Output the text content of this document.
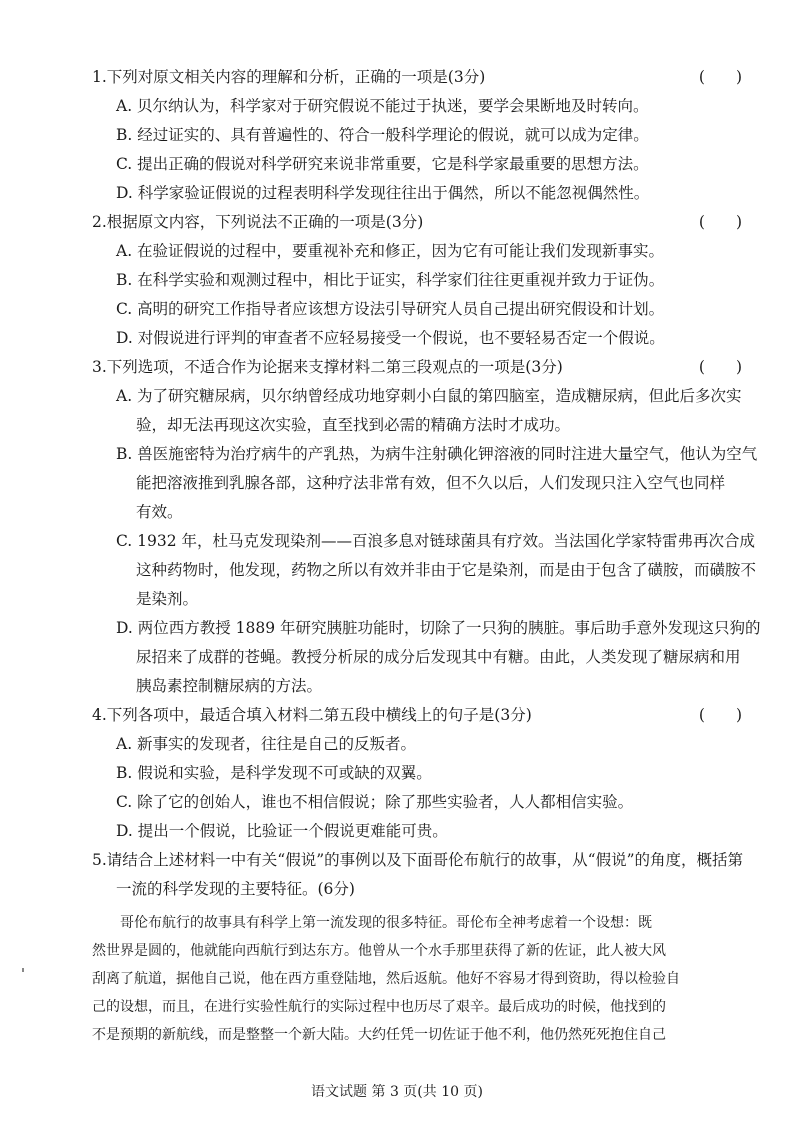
1.下列对原文相关内容的理解和分析，正确的一项是(3分)	(　　)
A. 贝尔纳认为，科学家对于研究假说不能过于执迷，要学会果断地及时转向。
B. 经过证实的、具有普遍性的、符合一般科学理论的假说，就可以成为定律。
C. 提出正确的假说对科学研究来说非常重要，它是科学家最重要的思想方法。
D. 科学家验证假说的过程表明科学发现往往出于偶然，所以不能忽视偶然性。
2.根据原文内容，下列说法不正确的一项是(3分)	(　　)
A. 在验证假说的过程中，要重视补充和修正，因为它有可能让我们发现新事实。
B. 在科学实验和观测过程中，相比于证实，科学家们往往更重视并致力于证伪。
C. 高明的研究工作指导者应该想方设法引导研究人员自己提出研究假设和计划。
D. 对假说进行评判的审查者不应轻易接受一个假说，也不要轻易否定一个假说。
3.下列选项，不适合作为论据来支撑材料二第三段观点的一项是(3分)	(　　)
A. 为了研究糖尿病，贝尔纳曾经成功地穿刺小白鼠的第四脑室，造成糖尿病，但此后多次实
验，却无法再现这次实验，直至找到必需的精确方法时才成功。
B. 兽医施密特为治疗病牛的产乳热，为病牛注射碘化钾溶液的同时注进大量空气，他认为空气
能把溶液推到乳腺各部，这种疗法非常有效，但不久以后，人们发现只注入空气也同样
有效。
C. 1932 年，杜马克发现染剂——百浪多息对链球菌具有疗效。当法国化学家特雷弗再次合成
这种药物时，他发现，药物之所以有效并非由于它是染剂，而是由于包含了磺胺，而磺胺不
是染剂。
D. 两位西方教授 1889 年研究胰脏功能时，切除了一只狗的胰脏。事后助手意外发现这只狗的
尿招来了成群的苍蝇。教授分析尿的成分后发现其中有糖。由此，人类发现了糖尿病和用
胰岛素控制糖尿病的方法。
4.下列各项中，最适合填入材料二第五段中横线上的句子是(3分)	(　　)
A. 新事实的发现者，往往是自己的反叛者。
B. 假说和实验，是科学发现不可或缺的双翼。
C. 除了它的创始人，谁也不相信假说；除了那些实验者，人人都相信实验。
D. 提出一个假说，比验证一个假说更难能可贵。
5.请结合上述材料一中有关“假说”的事例以及下面哥伦布航行的故事，从“假说”的角度，概括第
一流的科学发现的主要特征。(6分)
　　哥伦布航行的故事具有科学上第一流发现的很多特征。哥伦布全神考虑着一个设想：既
然世界是圆的，他就能向西航行到达东方。他曾从一个水手那里获得了新的佐证，此人被大风
刮离了航道，据他自己说，他在西方重登陆地，然后返航。他好不容易才得到资助，得以检验自
己的设想，而且，在进行实验性航行的实际过程中也历尽了艰辛。最后成功的时候，他找到的
不是预期的新航线，而是整整一个新大陆。大约任凭一切佐证于他不利，他仍然死死抱住自己
语文试题 第 3 页(共 10 页)
